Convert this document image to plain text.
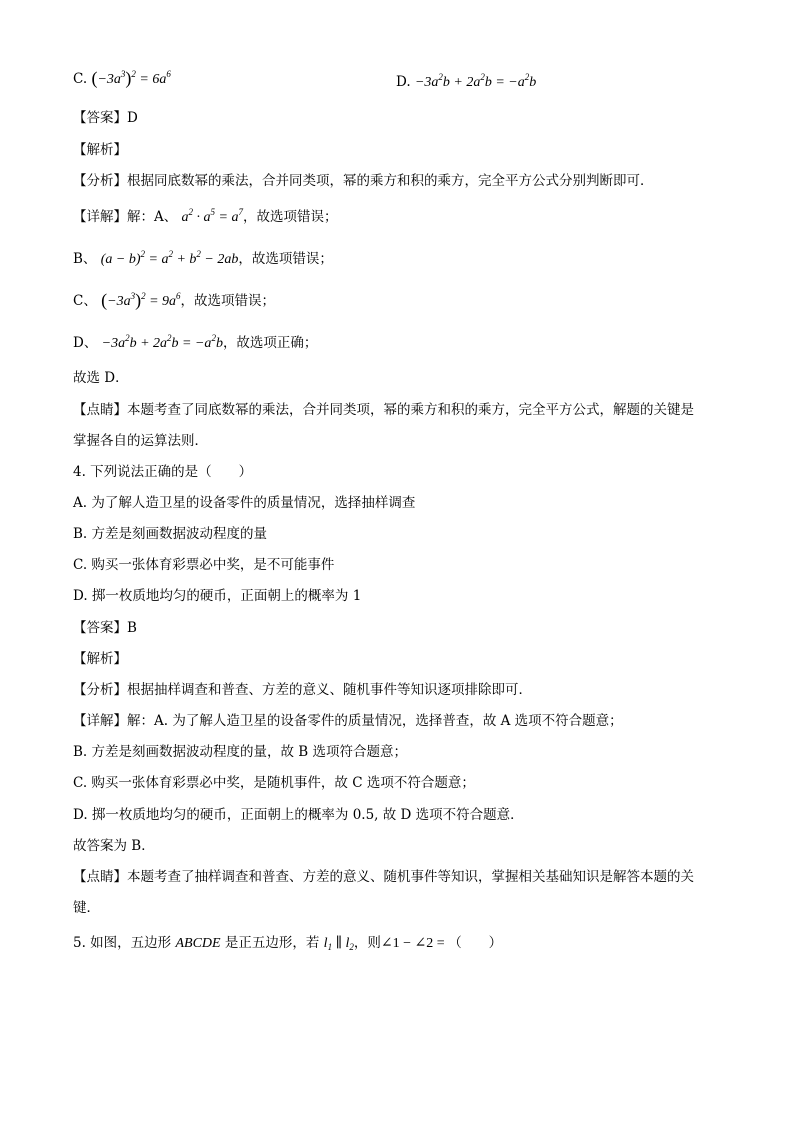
C. $(-3a^3)^2 = 6a^6$	D. $-3a^2b + 2a^2b = -a^2b$
【答案】D
【解析】
【分析】根据同底数幂的乘法，合并同类项，幂的乘方和积的乘方，完全平方公式分别判断即可．
【详解】解：A、 $a^2 \cdot a^5 = a^7$，故选项错误；
B、 $(a - b)^2 = a^2 + b^2 - 2ab$，故选项错误；
C、 $(-3a^3)^2 = 9a^6$，故选项错误；
D、 $-3a^2b + 2a^2b = -a^2b$，故选项正确；
故选 D．
【点睛】本题考查了同底数幂的乘法，合并同类项，幂的乘方和积的乘方，完全平方公式，解题的关键是
掌握各自的运算法则．
4. 下列说法正确的是（　　）
A. 为了解人造卫星的设备零件的质量情况，选择抽样调查
B. 方差是刻画数据波动程度的量
C. 购买一张体育彩票必中奖，是不可能事件
D. 掷一枚质地均匀的硬币，正面朝上的概率为 1
【答案】B
【解析】
【分析】根据抽样调查和普查、方差的意义、随机事件等知识逐项排除即可．
【详解】解：A. 为了解人造卫星的设备零件的质量情况，选择普查，故 A 选项不符合题意；
B. 方差是刻画数据波动程度的量，故 B 选项符合题意；
C. 购买一张体育彩票必中奖，是随机事件，故 C 选项不符合题意；
D. 掷一枚质地均匀的硬币，正面朝上的概率为 0.5, 故 D 选项不符合题意．
故答案为 B．
【点睛】本题考查了抽样调查和普查、方差的意义、随机事件等知识，掌握相关基础知识是解答本题的关
键．
5. 如图，五边形 ABCDE 是正五边形，若 $l_1$ ∥ $l_2$，则∠1 − ∠2 = （　　）
